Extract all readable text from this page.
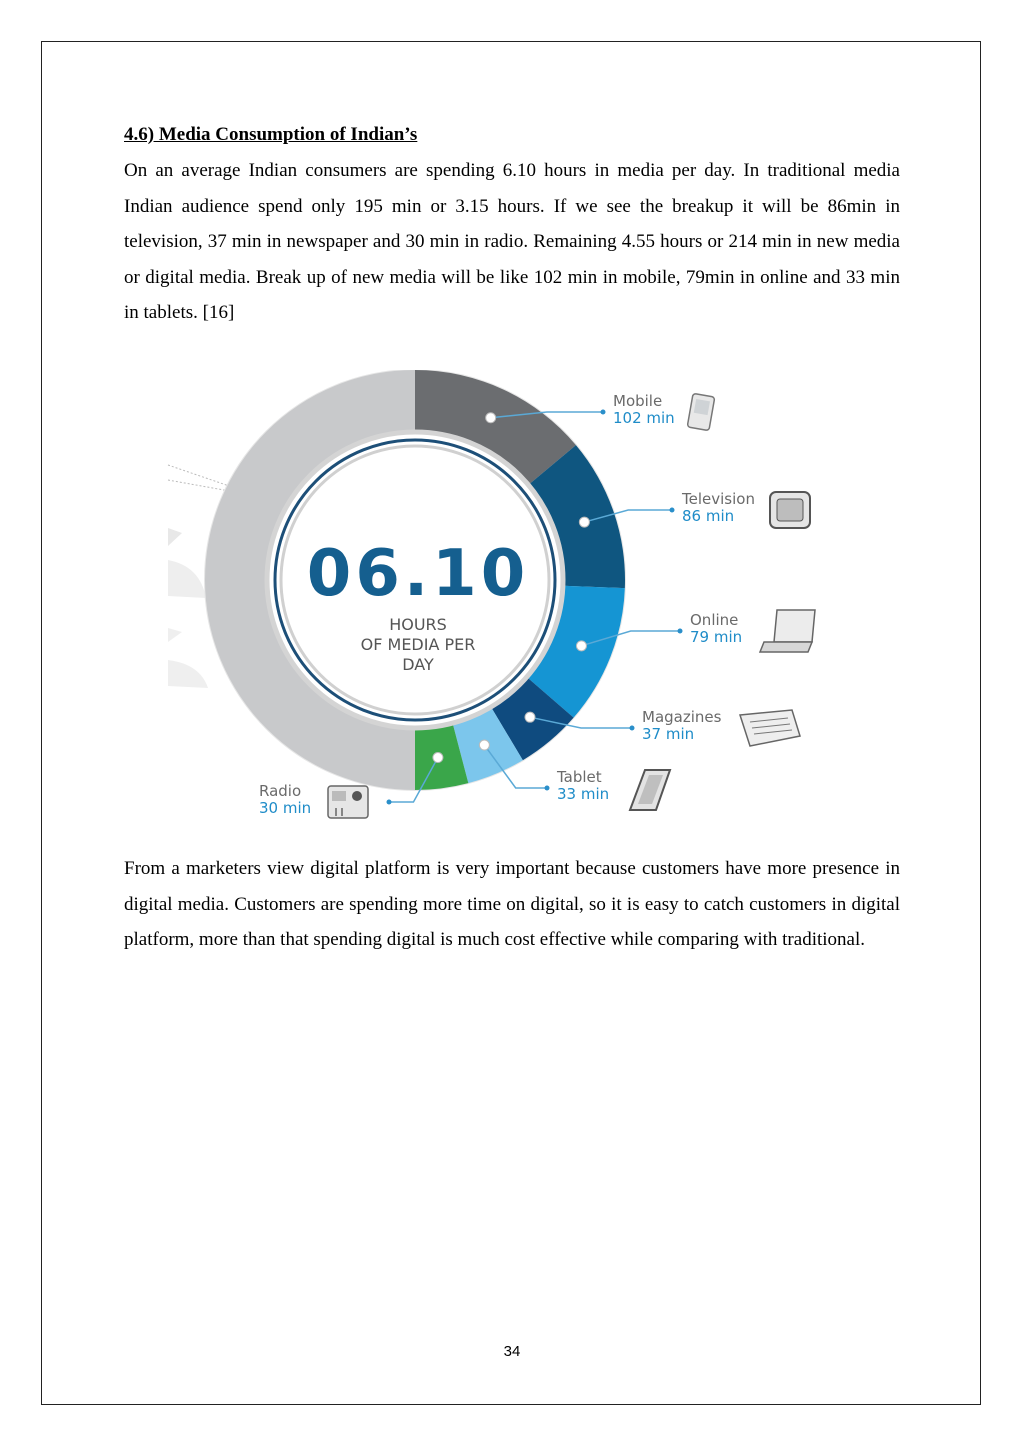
4.6) Media Consumption of Indian’s

On an average Indian consumers are spending 6.10 hours in media per day. In traditional media Indian audience spend only 195 min or 3.15 hours. If we see the breakup it will be 86min in television, 37 min in newspaper and 30 min in radio. Remaining 4.55 hours or 214 min in new media or digital media. Break up of new media will be like 102 min in mobile, 79min in online and 33 min in tablets. [16]

06.10
HOURS
OF MEDIA PER
DAY
Mobile
102 min
Television
86 min
Online
79 min
Magazines
37 min
Tablet
33 min
Radio
30 min

From a marketers view digital platform is very important because customers have more presence in digital media. Customers are spending more time on digital, so it is easy to catch customers in digital platform, more than that spending digital is much cost effective while comparing with traditional.

34
